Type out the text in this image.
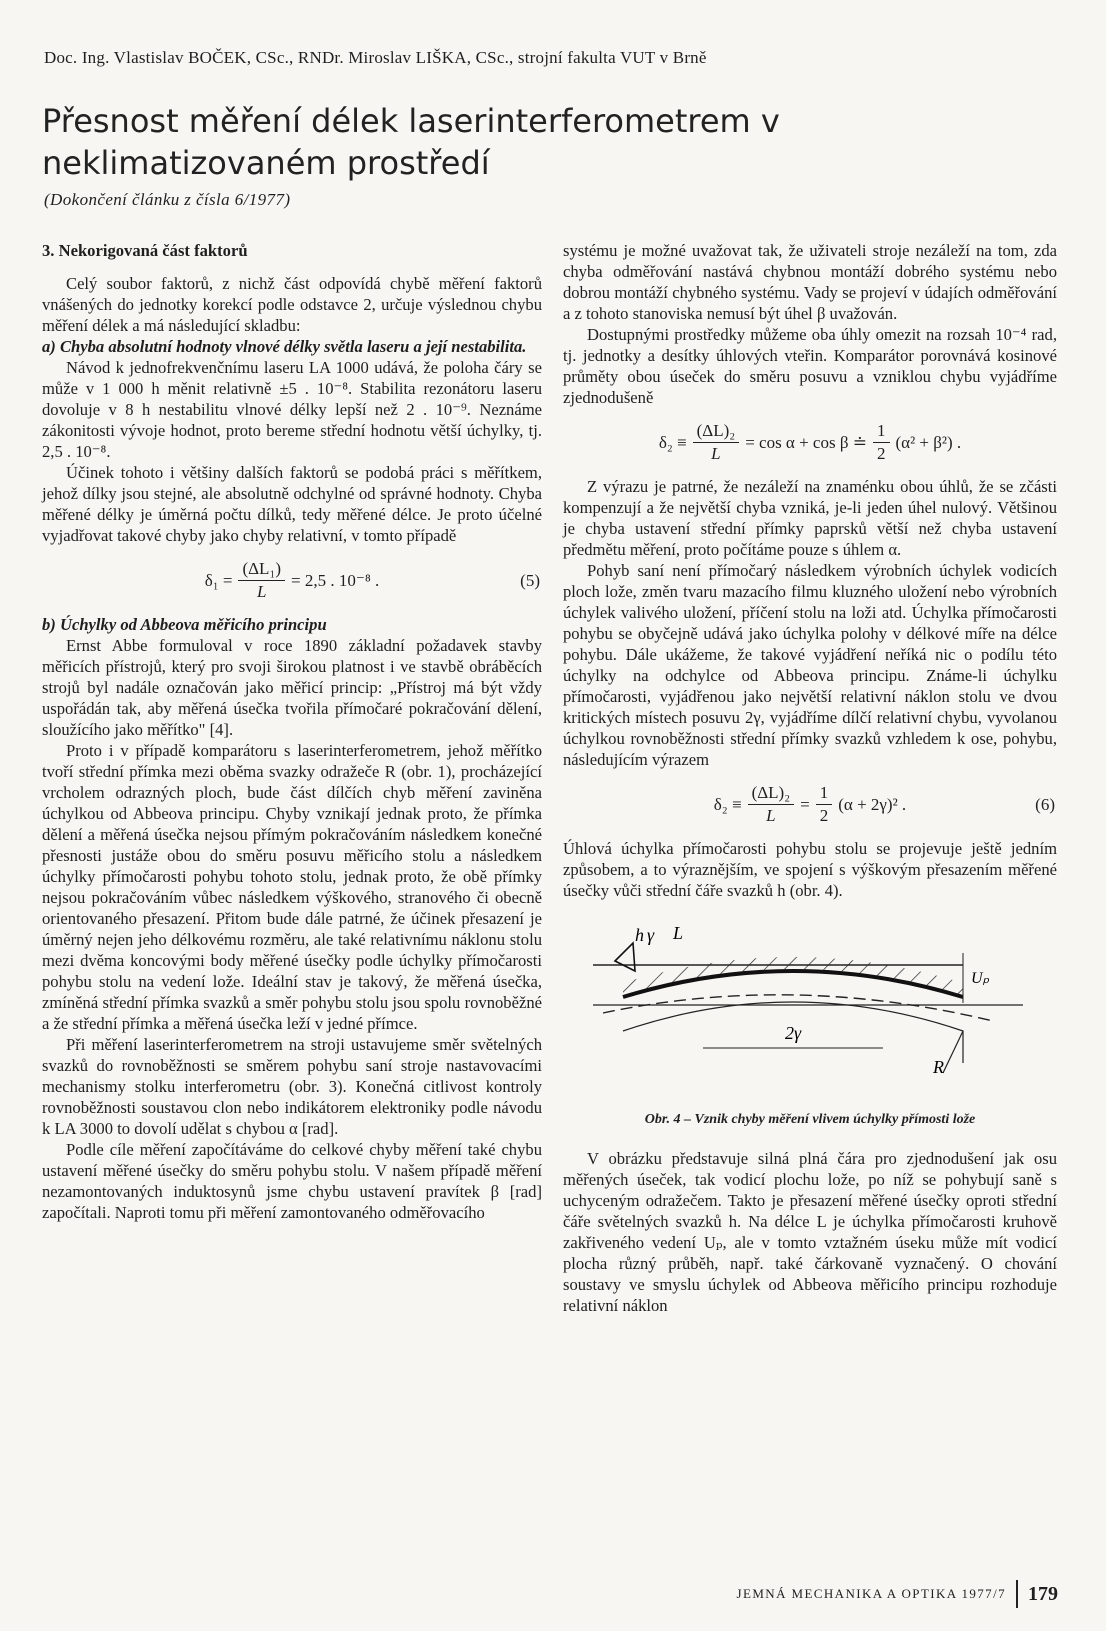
Doc. Ing. Vlastislav BOČEK, CSc., RNDr. Miroslav LIŠKA, CSc., strojní fakulta VUT v Brně
Přesnost měření délek laserinterferometrem v neklimatizovaném prostředí
(Dokončení článku z čísla 6/1977)
3. Nekorigovaná část faktorů

Celý soubor faktorů, z nichž část odpovídá chybě měření faktorů vnášených do jednotky korekcí podle odstavce 2, určuje výslednou chybu měření délek a má následující skladbu:

a) Chyba absolutní hodnoty vlnové délky světla laseru a její nestabilita.

Návod k jednofrekvenčnímu laseru LA 1000 udává, že poloha čáry se může v 1 000 h měnit relativně ±5 . 10⁻⁸. Stabilita rezonátoru laseru dovoluje v 8 h nestabilitu vlnové délky lepší než 2 . 10⁻⁹. Neznáme zákonitosti vývoje hodnot, proto bereme střední hodnotu větší úchylky, tj. 2,5 . 10⁻⁸.

Účinek tohoto i většiny dalších faktorů se podobá práci s měřítkem, jehož dílky jsou stejné, ale absolutně odchylné od správné hodnoty. Chyba měřené délky je úměrná počtu dílků, tedy měřené délce. Je proto účelné vyjadřovat takové chyby jako chyby relativní, v tomto případě

$\delta_1 = \frac{\text{(ΔL₁)}}{L} = 2,5$ . 10⁻⁸ .	(5)

b) Úchylky od Abbeova měřicího principu

Ernst Abbe formuloval v roce 1890 základní požadavek stavby měřicích přístrojů, který pro svoji širokou platnost i ve stavbě obráběcích strojů byl nadále označován jako měřicí princip: „Přístroj má být vždy uspořádán tak, aby měřená úsečka tvořila přímočaré pokračování dělení, sloužícího jako měřítko" [4].

Proto i v případě komparátoru s laserinterferometrem, jehož měřítko tvoří střední přímka mezi oběma svazky odražeče R (obr. 1), procházející vrcholem odrazných ploch, bude část dílčích chyb měření zaviněna úchylkou od Abbeova principu. Chyby vznikají jednak proto, že přímka dělení a měřená úsečka nejsou přímým pokračováním následkem konečné přesnosti justáže obou do směru posuvu měřicího stolu a následkem úchylky přímočarosti pohybu tohoto stolu, jednak proto, že obě přímky nejsou pokračováním vůbec následkem výškového, stranového či obecně orientovaného přesazení. Přitom bude dále patrné, že účinek přesazení je úměrný nejen jeho délkovému rozměru, ale také relativnímu náklonu stolu mezi dvěma koncovými body měřené úsečky podle úchylky přímočarosti pohybu stolu na vedení lože. Ideální stav je takový, že měřená úsečka, zmíněná střední přímka svazků a směr pohybu stolu jsou spolu rovnoběžné a že střední přímka a měřená úsečka leží v jedné přímce.

Při měření laserinterferometrem na stroji ustavujeme směr světelných svazků do rovnoběžnosti se směrem pohybu saní stroje nastavovacími mechanismy stolku interferometru (obr. 3). Konečná citlivost kontroly rovnoběžnosti soustavou clon nebo indikátorem elektroniky podle návodu k LA 3000 to dovolí udělat s chybou α [rad].

Podle cíle měření započítáváme do celkové chyby měření také chybu ustavení měřené úsečky do směru pohybu stolu. V našem případě měření nezamontovaných induktosynů jsme chybu ustavení pravítek β [rad] započítali. Naproti tomu při měření zamontovaného odměřovacího

systému je možné uvažovat tak, že uživateli stroje nezáleží na tom, zda chyba odměřování nastává chybnou montáží dobrého systému nebo dobrou montáží chybného systému. Vady se projeví v údajích odměřování a z tohoto stanoviska nemusí být úhel β uvažován.

Dostupnými prostředky můžeme oba úhly omezit na rozsah 10⁻⁴ rad, tj. jednotky a desítky úhlových vteřin. Komparátor porovnává kosinové průměty obou úseček do směru posuvu a vzniklou chybu vyjádříme zjednodušeně

$\delta_2 \equiv \frac{\text{(ΔL)₂}}{L} = \cos \alpha + \cos \beta$ ≐ $\frac{1}{2} (\alpha^2 + \beta^2)$ .

Z výrazu je patrné, že nezáleží na znaménku obou úhlů, že se zčásti kompenzují a že největší chyba vzniká, je-li jeden úhel nulový. Většinou je chyba ustavení střední přímky paprsků větší než chyba ustavení předmětu měření, proto počítáme pouze s úhlem α.

Pohyb saní není přímočarý následkem výrobních úchylek vodicích ploch lože, změn tvaru mazacího filmu kluzného uložení nebo výrobních úchylek valivého uložení, příčení stolu na loži atd. Úchylka přímočarosti pohybu se obyčejně udává jako úchylka polohy v délkové míře na délce pohybu. Dále ukážeme, že takové vyjádření neříká nic o podílu této úchylky na odchylce od Abbeova principu. Známe-li úchylku přímočarosti, vyjádřenou jako největší relativní náklon stolu ve dvou kritických místech posuvu 2γ, vyjádříme dílčí relativní chybu, vyvolanou úchylkou rovnoběžnosti střední přímky svazků vzhledem k ose, pohybu, následujícím výrazem

$\delta_2 \equiv \frac{\text{(ΔL)₂}}{L} = \frac{1}{2} (\alpha + 2\gamma)^2$ .	(6)

Úhlová úchylka přímočarosti pohybu stolu se projevuje ještě jedním způsobem, a to výraznějším, ve spojení s výškovým přesazením měřené úsečky vůči střední čáře svazků h (obr. 4).

h γ L
Uₚ
2γ
R
Obr. 4 – Vznik chyby měření vlivem úchylky přímosti lože

V obrázku představuje silná plná čára pro zjednodušení jak osu měřených úseček, tak vodicí plochu lože, po níž se pohybují saně s uchyceným odražečem. Takto je přesazení měřené úsečky oproti střední čáře světelných svazků h. Na délce L je úchylka přímočarosti kruhově zakřiveného vedení Uₚ, ale v tomto vztažném úseku může mít vodicí plocha různý průběh, např. také čárkovaně vyznačený. O chování soustavy ve smyslu úchylek od Abbeova měřicího principu rozhoduje relativní náklon

JEMNÁ MECHANIKA A OPTIKA 1977/7 179
